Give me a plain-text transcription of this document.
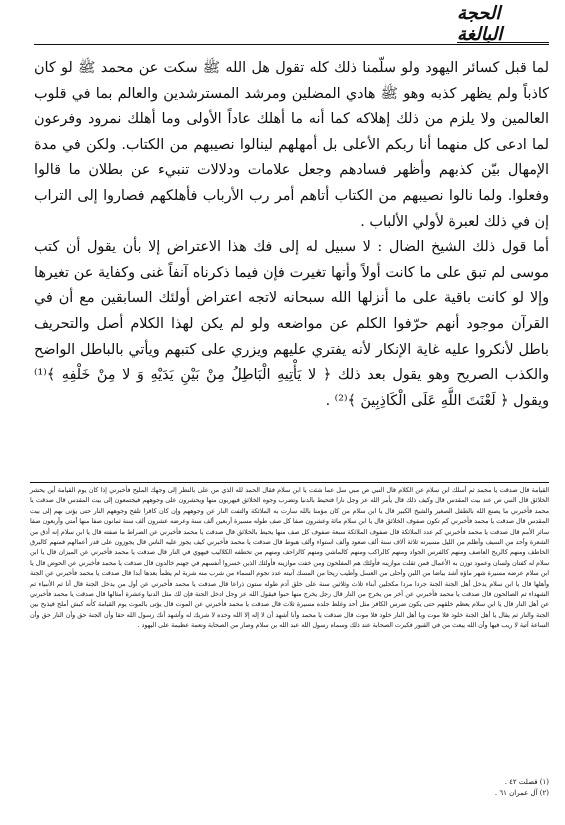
الحجة البالغة

لما قبل كسائر اليهود ولو سلّمنا ذلك كله تقول هل الله ﷺ سكت عن محمد ﷺ لو كان كاذباً ولم يظهر كذبه وهو ﷺ هادي المضلين ومرشد المسترشدين والعالم بما في قلوب العالمين ولا يلزم من ذلك إهلاكه كما أنه ما أهلك عاداً الأولى وما أهلك نمرود وفرعون لما ادعى كل منهما أنا ربكم الأعلى بل أمهلهم لينالوا نصيبهم من الكتاب. ولكن في مدة الإمهال بيّن كذبهم وأظهر فسادهم وجعل علامات ودلالات تنبيء عن بطلان ما قالوا وفعلوا. ولما نالوا نصيبهم من الكتاب أتاهم أمر رب الأرباب فأهلكهم فصاروا إلى التراب إن في ذلك لعبرة لأولي الألباب .

أما قول ذلك الشيخ الضال : لا سبيل له إلى فك هذا الاعتراض إلا بأن يقول أن كتب موسى لم تبق على ما كانت أولاً وأنها تغيرت فإن فيما ذكرناه آنفاً غنى وكفاية عن تغيرها وإلا لو كانت باقية على ما أنزلها الله سبحانه لاتجه اعتراض أولئك السابقين مع أن في القرآن موجود أنهم حرّفوا الكلم عن مواضعه ولو لم يكن لهذا الكلام أصل والتحريف باطل لأنكروا عليه غاية الإنكار لأنه يفتري عليهم ويزري على كتبهم ويأتي بالباطل الواضح والكذب الصريح وهو يقول بعد ذلك ﴿ لا يَأْتِيهِ الْبَاطِلُ مِنْ بَيْنِ يَدَيْهِ وَ لا مِنْ خَلْفِهِ ﴾⁽¹⁾ ويقول ﴿ لَعْنَتَ اللَّهِ عَلَى الْكَاذِبِينَ ﴾⁽²⁾ .

القيامة قال صدقت يا محمد ثم أسلك ابن سلام عن الكلام قال النبي ص مبي سل عما شئت يا ابن سلام فقال الحمد لله الذي من على بالنظر إلى وجهك المليح فأخبرني إذا كان يوم القيامة أين يحشر الخلائق قال النبي ص عند بيت المقدس قال وكيف ذلك قال يأمر الله عز وجل نارا فتحيط بالدنيا وتضرب وجوه الخلائق فيهربون منها ويحشرون على وجوههم فيجتمعون إلى بيت المقدس قال صدقت يا محمد فأخبرني ما يصنع الله بالطفل الصغير والشيخ الكبير قال يا ابن سلام من كان مؤمنا بالله سارت به الملائكة والتفت النار عن وجوههم وإن كان كافرا تلفح وجوههم النار حتى يؤتى بهم إلى بيت المقدس قال صدقت يا محمد فأخبرني كم تكون صفوف الخلائق قال يا ابن سلام مائة وعشرون صفا كل صف طوله مسيرة أربعين ألف سنة وعرضه عشرون ألف سنة ثمانون صفا منها أمتي وأربعون صفا سائر الأمم قال صدقت يا محمد فأخبرني كم عدد الملائكة قال صفوف الملائكة سبعة صفوف كل صف منها يحيط بالخلائق قال صدقت يا محمد فأخبرني عن الصراط ما صفته قال يا ابن سلام إنه أدق من الشعرة وأحد من السيف وأظلم من الليل مسيرته ثلاثة آلاف سنة ألف صعود وألف استواء وألف هبوط قال صدقت يا محمد فأخبرني كيف يجوز عليه الناس قال يجوزون على قدر أعمالهم فمنهم كالبرق الخاطف ومنهم كالريح العاصف ومنهم كالفرس الجواد ومنهم كالراكب ومنهم كالماشي ومنهم كالزاحف ومنهم من تخطفه الكلاليب فيهوي في النار قال صدقت يا محمد فأخبرني عن الميزان قال يا ابن سلام له كفتان ولسان وعمود توزن به الأعمال فمن ثقلت موازينه فأولئك هم المفلحون ومن خفت موازينه فأولئك الذين خسروا أنفسهم في جهنم خالدون قال صدقت يا محمد فأخبرني عن الحوض قال يا ابن سلام عرضه مسيرة شهر ماؤه أشد بياضا من اللبن وأحلى من العسل وأطيب ريحا من المسك آنيته عدد نجوم السماء من شرب منه شربة لم يظمأ بعدها أبدا قال صدقت يا محمد فأخبرني عن الجنة وأهلها قال يا ابن سلام يدخل أهل الجنة الجنة جردا مردا مكحلين أبناء ثلاث وثلاثين سنة على خلق آدم طوله ستون ذراعا قال صدقت يا محمد فأخبرني عن أول من يدخل الجنة قال أنا ثم الأنبياء ثم الشهداء ثم الصالحون قال صدقت يا محمد فأخبرني عن آخر من يخرج من النار قال رجل يخرج منها حبوا فيقول الله عز وجل ادخل الجنة فإن لك مثل الدنيا وعشرة أمثالها قال صدقت يا محمد فأخبرني عن أهل النار قال يا ابن سلام يعظم خلقهم حتى يكون ضرس الكافر مثل أحد وغلظ جلده مسيرة ثلاث قال صدقت يا محمد فأخبرني عن الموت قال يؤتى بالموت يوم القيامة كأنه كبش أملح فيذبح بين الجنة والنار ثم يقال يا أهل الجنة خلود فلا موت ويا أهل النار خلود فلا موت قال صدقت يا محمد وأنا أشهد أن لا إله إلا الله وحده لا شريك له وأشهد أنك رسول الله حقا وأن الجنة حق وأن النار حق وأن الساعة آتية لا ريب فيها وأن الله يبعث من في القبور فكبرت الصحابة عند ذلك وسماه رسول الله عبد الله بن سلام وصار من الصحابة ونعمة عظيمة على اليهود .

(١) فصلت ٤٢ .
(٢) آل عمران ٦١ .
